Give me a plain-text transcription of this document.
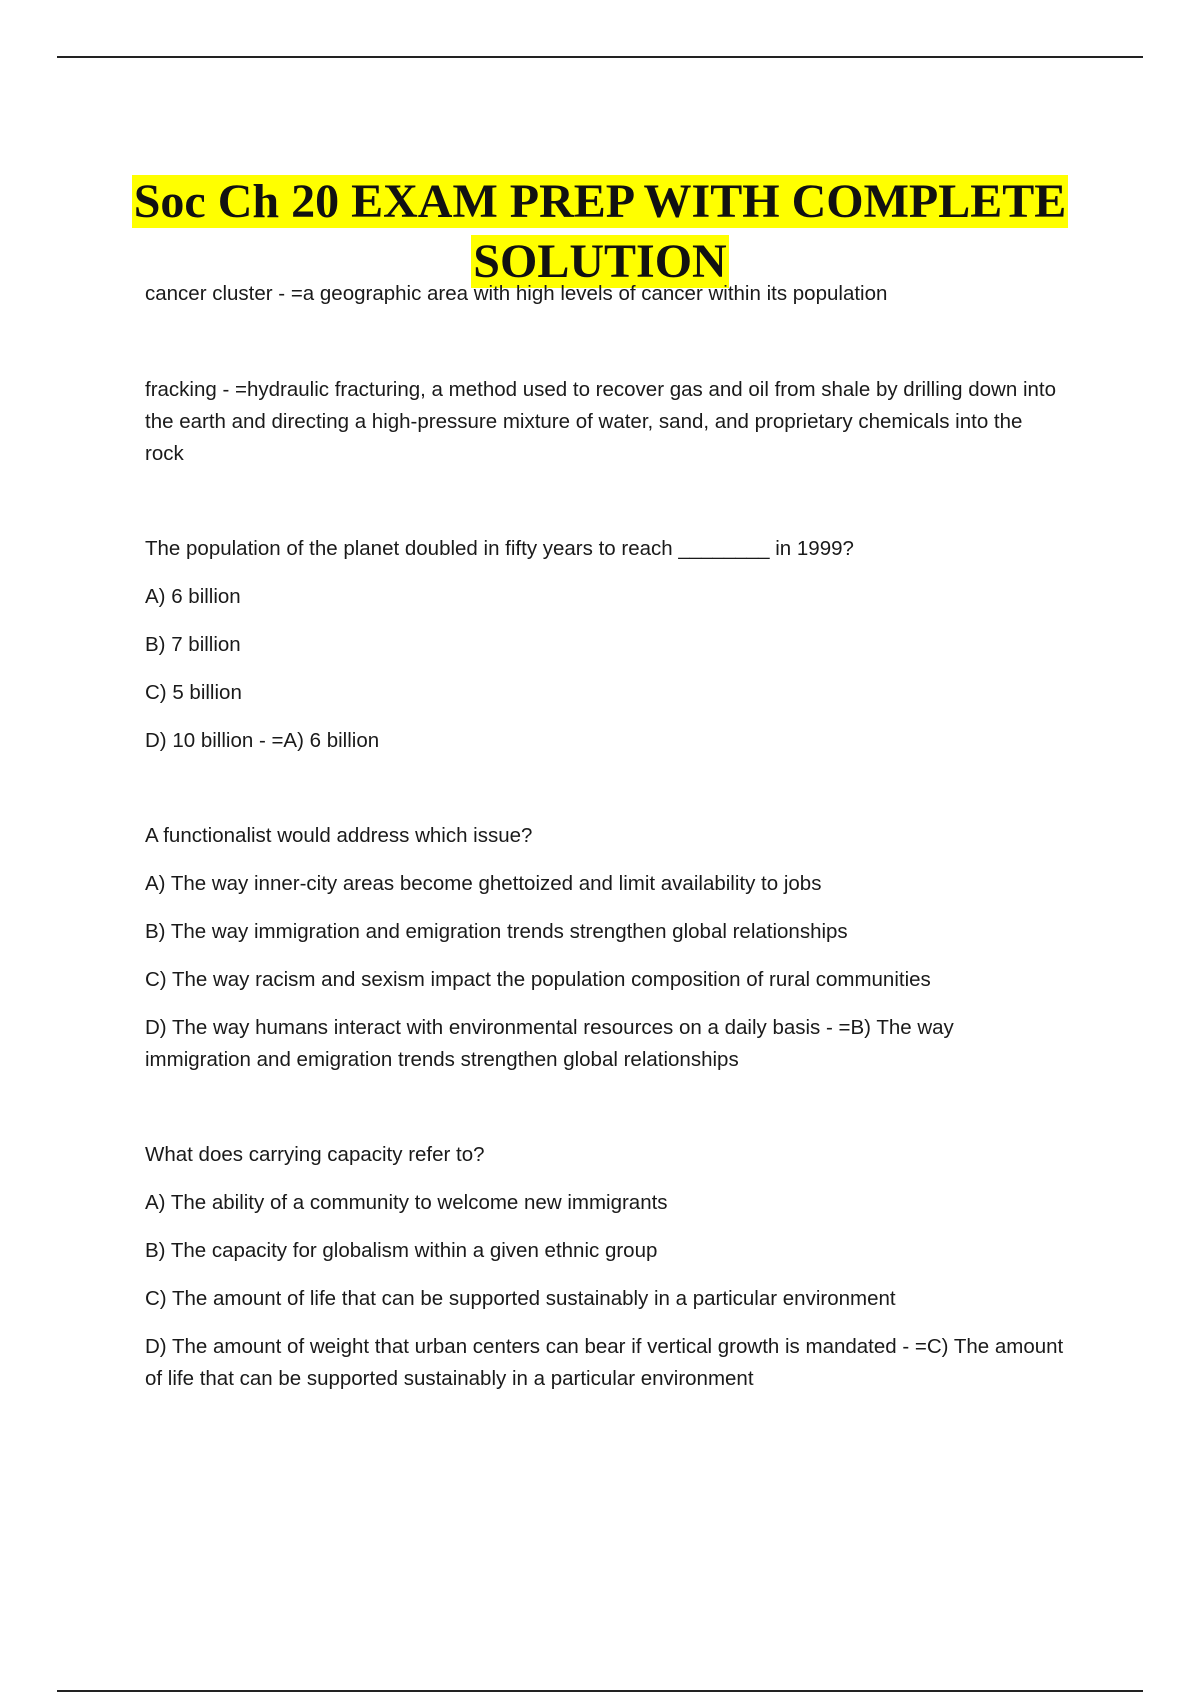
Soc Ch 20 EXAM PREP WITH COMPLETE
SOLUTION

cancer cluster - =a geographic area with high levels of cancer within its population

fracking - =hydraulic fracturing, a method used to recover gas and oil from shale by drilling down into the earth and directing a high-pressure mixture of water, sand, and proprietary chemicals into the rock

The population of the planet doubled in fifty years to reach ________ in 1999?

A) 6 billion

B) 7 billion

C) 5 billion

D) 10 billion - =A) 6 billion

A functionalist would address which issue?

A) The way inner-city areas become ghettoized and limit availability to jobs

B) The way immigration and emigration trends strengthen global relationships

C) The way racism and sexism impact the population composition of rural communities

D) The way humans interact with environmental resources on a daily basis - =B) The way immigration and emigration trends strengthen global relationships

What does carrying capacity refer to?

A) The ability of a community to welcome new immigrants

B) The capacity for globalism within a given ethnic group

C) The amount of life that can be supported sustainably in a particular environment

D) The amount of weight that urban centers can bear if vertical growth is mandated - =C) The amount of life that can be supported sustainably in a particular environment
